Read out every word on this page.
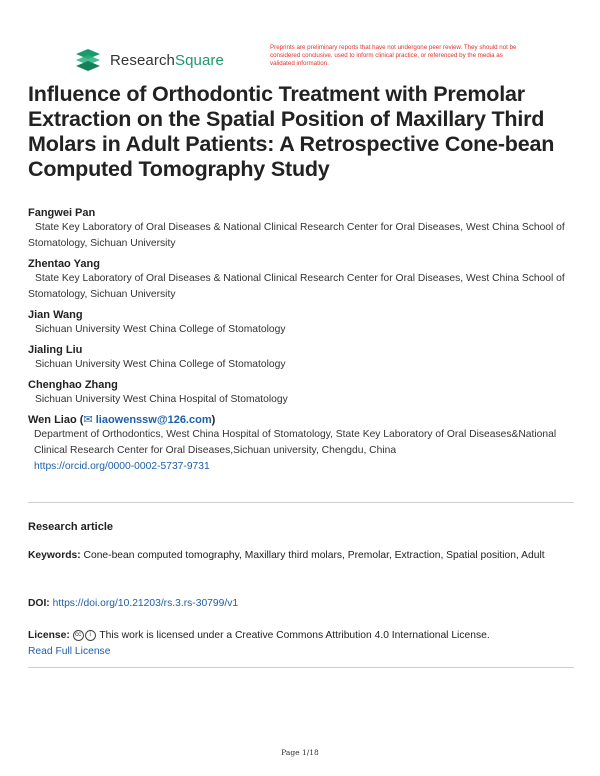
ResearchSquare
Preprints are preliminary reports that have not undergone peer review. They should not be considered conclusive, used to inform clinical practice, or referenced by the media as validated information.
Influence of Orthodontic Treatment with Premolar Extraction on the Spatial Position of Maxillary Third Molars in Adult Patients: A Retrospective Cone-bean Computed Tomography Study
Fangwei Pan
State Key Laboratory of Oral Diseases & National Clinical Research Center for Oral Diseases, West China School of Stomatology, Sichuan University
Zhentao Yang
State Key Laboratory of Oral Diseases & National Clinical Research Center for Oral Diseases, West China School of Stomatology, Sichuan University
Jian Wang
Sichuan University West China College of Stomatology
Jialing Liu
Sichuan University West China College of Stomatology
Chenghao Zhang
Sichuan University West China Hospital of Stomatology
Wen Liao (✉ liaowenssw@126.com)
Department of Orthodontics, West China Hospital of Stomatology, State Key Laboratory of Oral Diseases&National Clinical Research Center for Oral Diseases,Sichuan university, Chengdu, China
https://orcid.org/0000-0002-5737-9731
Research article
Keywords: Cone-bean computed tomography, Maxillary third molars, Premolar, Extraction, Spatial position, Adult
DOI: https://doi.org/10.21203/rs.3.rs-30799/v1
License: cc i This work is licensed under a Creative Commons Attribution 4.0 International License.
Read Full License
Page 1/18
